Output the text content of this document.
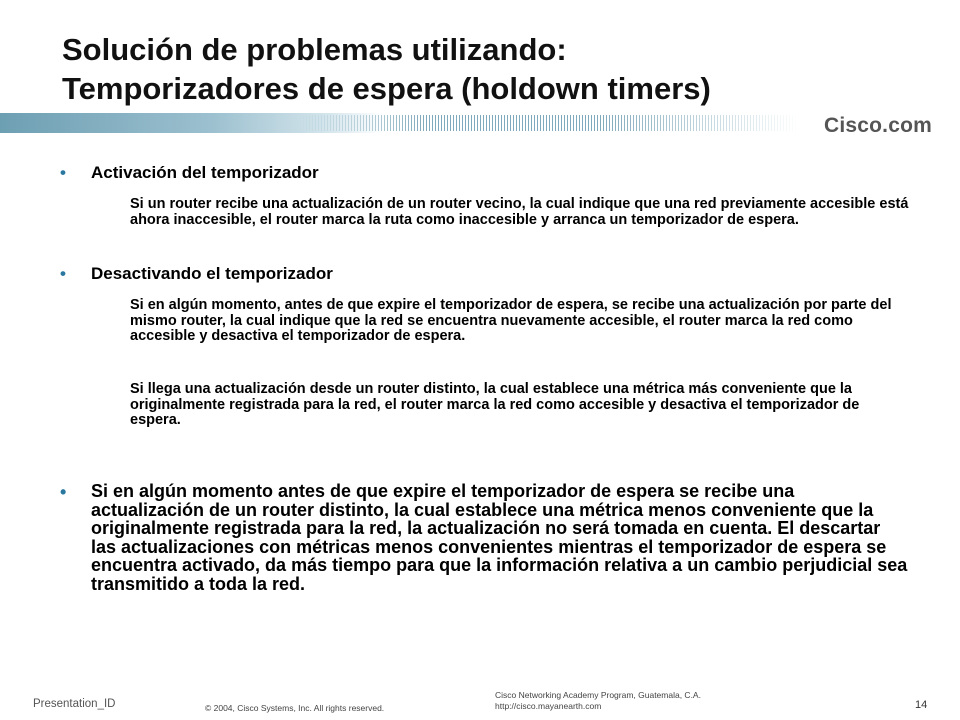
Solución de problemas utilizando:
Temporizadores de espera (holdown timers)
Cisco.com
• Activación del temporizador
Si un router recibe una actualización de un router vecino, la cual indique que una red previamente accesible está ahora inaccesible, el router marca la ruta como inaccesible y arranca un temporizador de espera.
• Desactivando el temporizador
Si en algún momento, antes de que expire el temporizador de espera, se recibe una actualización por parte del mismo router, la cual indique que la red se encuentra nuevamente accesible, el router marca la red como accesible y desactiva el temporizador de espera.
Si llega una actualización desde un router distinto, la cual establece una métrica más conveniente que la originalmente registrada para la red, el router marca la red como accesible y desactiva el temporizador de espera.
• Si en algún momento antes de que expire el temporizador de espera se recibe una actualización de un router distinto, la cual establece una métrica menos conveniente que la originalmente registrada para la red, la actualización no será tomada en cuenta. El descartar las actualizaciones con métricas menos convenientes mientras el temporizador de espera se encuentra activado, da más tiempo para que la información relativa a un cambio perjudicial sea transmitido a toda la red.
Presentation_ID	© 2004, Cisco Systems, Inc. All rights reserved.
Cisco Networking Academy Program, Guatemala, C.A.
http://cisco.mayanearth.com	14
